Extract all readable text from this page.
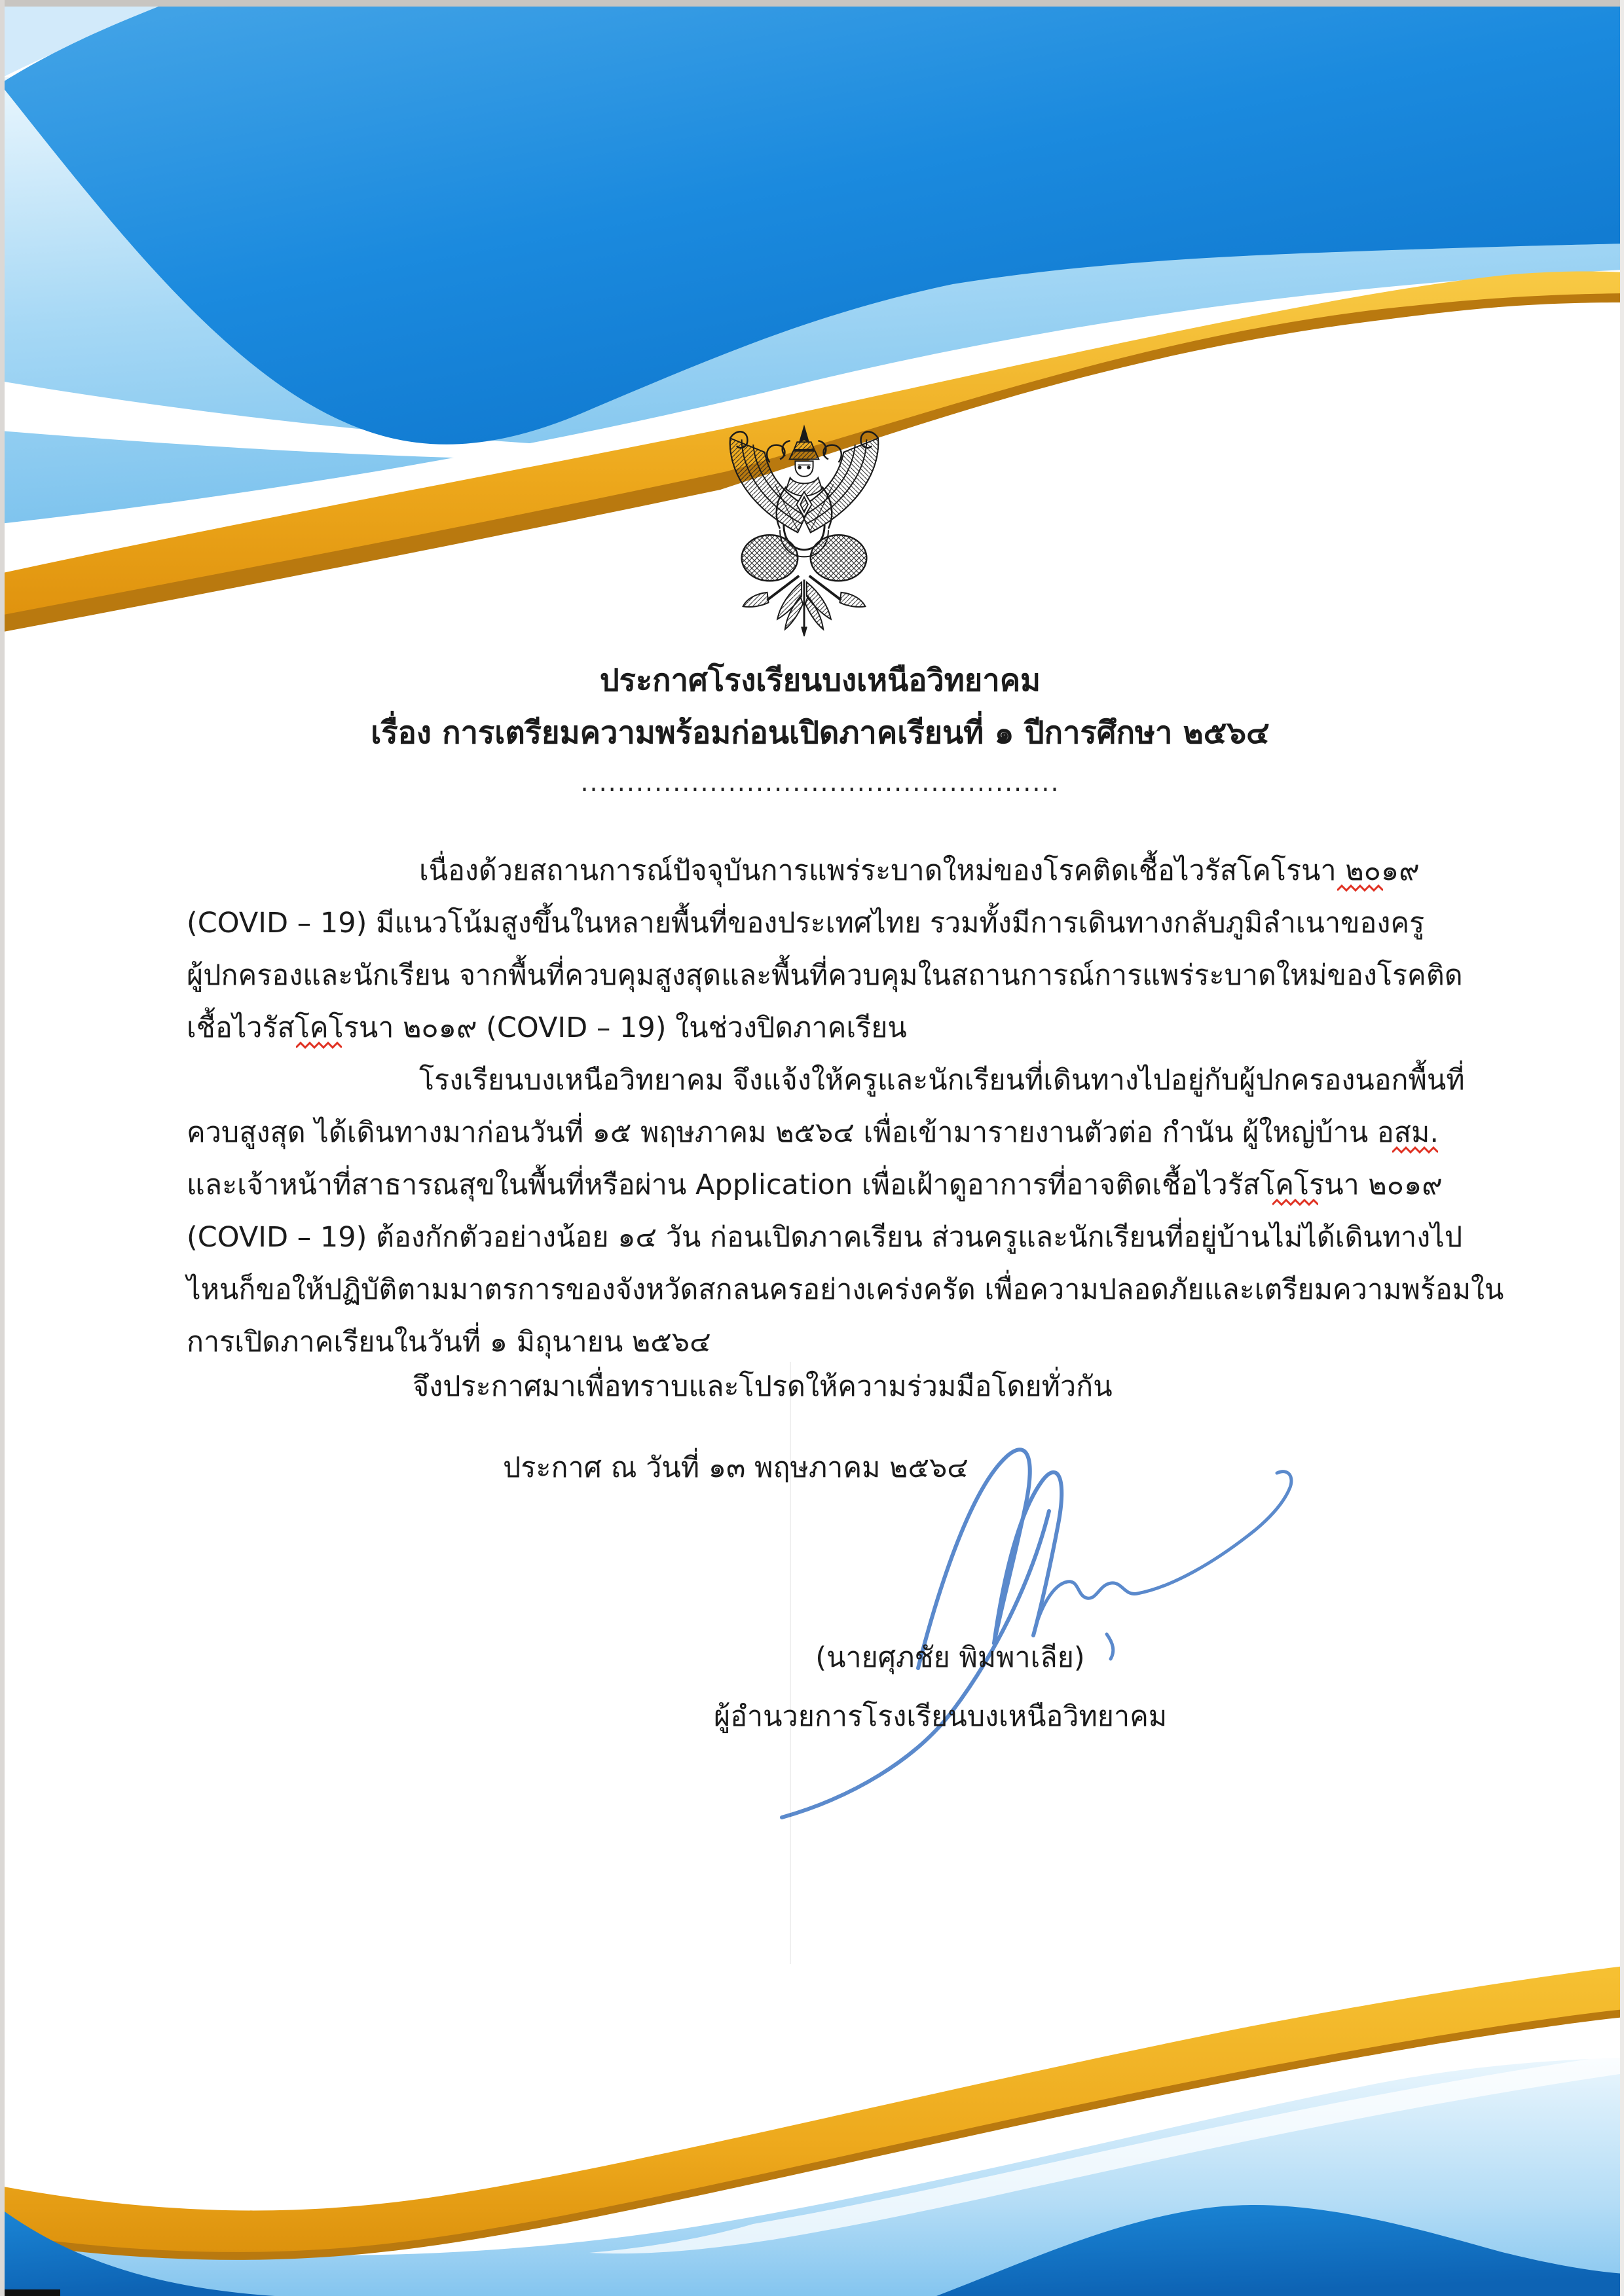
ประกาศโรงเรียนบงเหนือวิทยาคม
เรื่อง การเตรียมความพร้อมก่อนเปิดภาคเรียนที่ ๑ ปีการศึกษา ๒๕๖๔
....................................................
เนื่องด้วยสถานการณ์ปัจจุบันการแพร่ระบาดใหม่ของโรคติดเชื้อไวรัสโคโรนา ๒๐๑๙
(COVID – 19) มีแนวโน้มสูงขึ้นในหลายพื้นที่ของประเทศไทย รวมทั้งมีการเดินทางกลับภูมิลำเนาของครู
ผู้ปกครองและนักเรียน จากพื้นที่ควบคุมสูงสุดและพื้นที่ควบคุมในสถานการณ์การแพร่ระบาดใหม่ของโรคติด
เชื้อไวรัสโคโรนา ๒๐๑๙ (COVID – 19) ในช่วงปิดภาคเรียน
โรงเรียนบงเหนือวิทยาคม จึงแจ้งให้ครูและนักเรียนที่เดินทางไปอยู่กับผู้ปกครองนอกพื้นที่
ควบสูงสุด ได้เดินทางมาก่อนวันที่ ๑๕ พฤษภาคม ๒๕๖๔ เพื่อเข้ามารายงานตัวต่อ กำนัน ผู้ใหญ่บ้าน อสม.
และเจ้าหน้าที่สาธารณสุขในพื้นที่หรือผ่าน Application เพื่อเฝ้าดูอาการที่อาจติดเชื้อไวรัสโคโรนา ๒๐๑๙
(COVID – 19) ต้องกักตัวอย่างน้อย ๑๔ วัน ก่อนเปิดภาคเรียน ส่วนครูและนักเรียนที่อยู่บ้านไม่ได้เดินทางไป
ไหนก็ขอให้ปฏิบัติตามมาตรการของจังหวัดสกลนครอย่างเคร่งครัด เพื่อความปลอดภัยและเตรียมความพร้อมใน
การเปิดภาคเรียนในวันที่ ๑ มิถุนายน ๒๕๖๔
จึงประกาศมาเพื่อทราบและโปรดให้ความร่วมมือโดยทั่วกัน
ประกาศ ณ วันที่ ๑๓ พฤษภาคม ๒๕๖๔
(นายศุภชัย พิมพาเลีย)
ผู้อำนวยการโรงเรียนบงเหนือวิทยาคม
